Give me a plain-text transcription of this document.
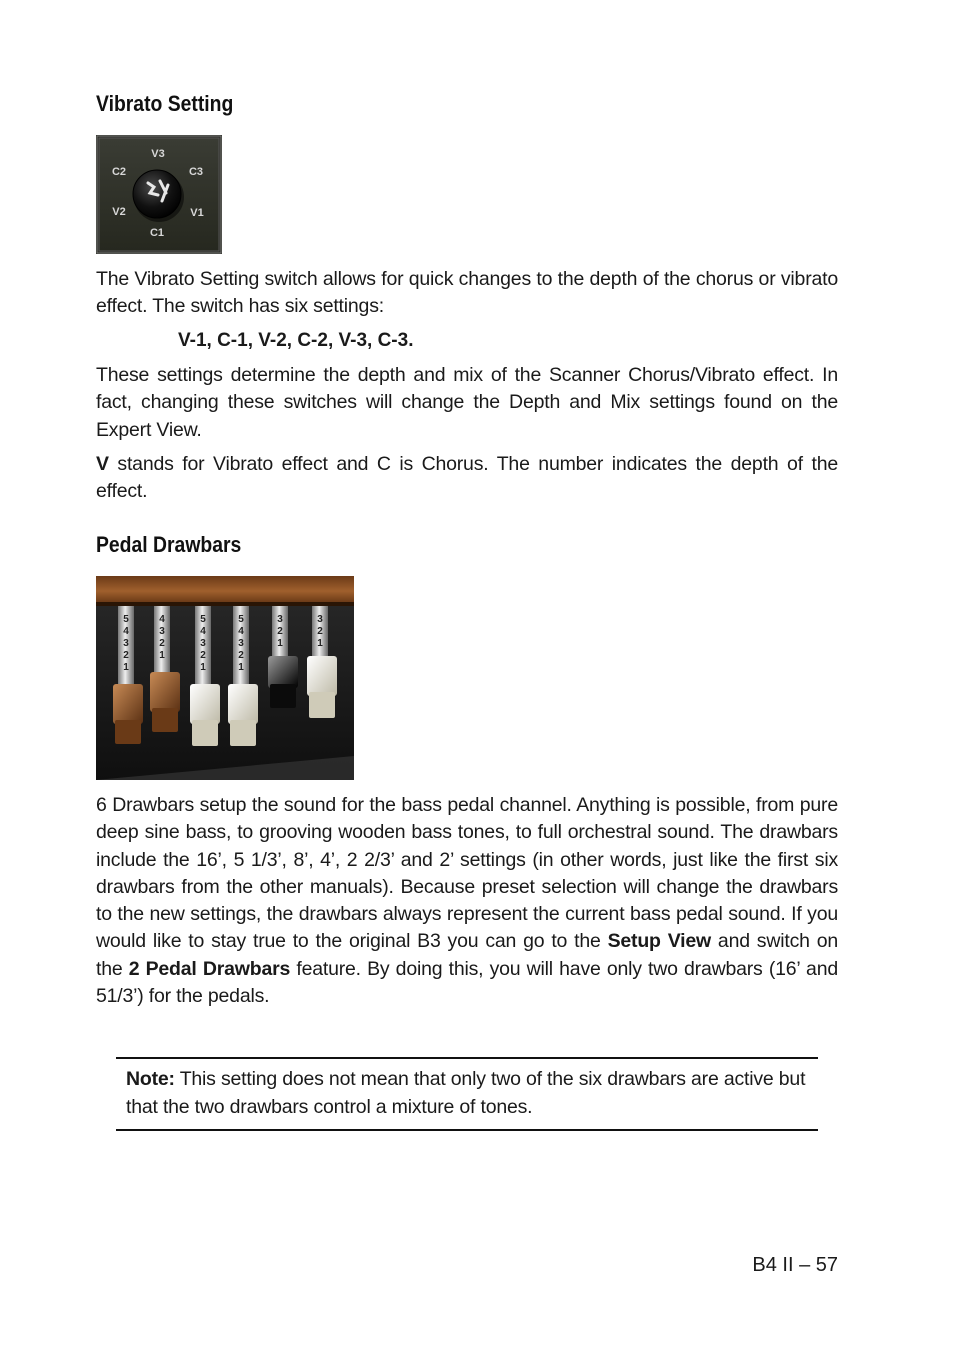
Vibrato Setting
V3
C3
V1
C1
V2
C2

The Vibrato Setting switch allows for quick changes to the depth of the chorus or vibrato effect. The switch has six settings:

V-1, C-1, V-2, C-2, V-3, C-3.

These settings determine the depth and mix of the Scanner Chorus/Vibrato effect. In fact, changing these switches will change the Depth and Mix settings found on the Expert View.

V stands for Vibrato effect and C is Chorus. The number indicates the depth of the effect.

Pedal Drawbars
5
4
3
2
1
4
3
2
1
5
4
3
2
1
5
4
3
2
1
3
2
1
3
2
1

6 Drawbars setup the sound for the bass pedal channel. Anything is possible, from pure deep sine bass, to grooving wooden bass tones, to full orchestral sound. The drawbars include the 16’, 5 1/3’, 8’, 4’, 2 2/3’ and 2’ settings (in other words, just like the first six drawbars from the other manuals). Because preset selection will change the drawbars to the new settings, the drawbars always represent the current bass pedal sound. If you would like to stay true to the original B3 you can go to the Setup View and switch on the 2 Pedal Drawbars feature. By doing this, you will have only two drawbars (16’ and 51/3’) for the pedals.

Note: This setting does not mean that only two of the six drawbars are active but that the two drawbars control a mixture of tones.

B4 II – 57
